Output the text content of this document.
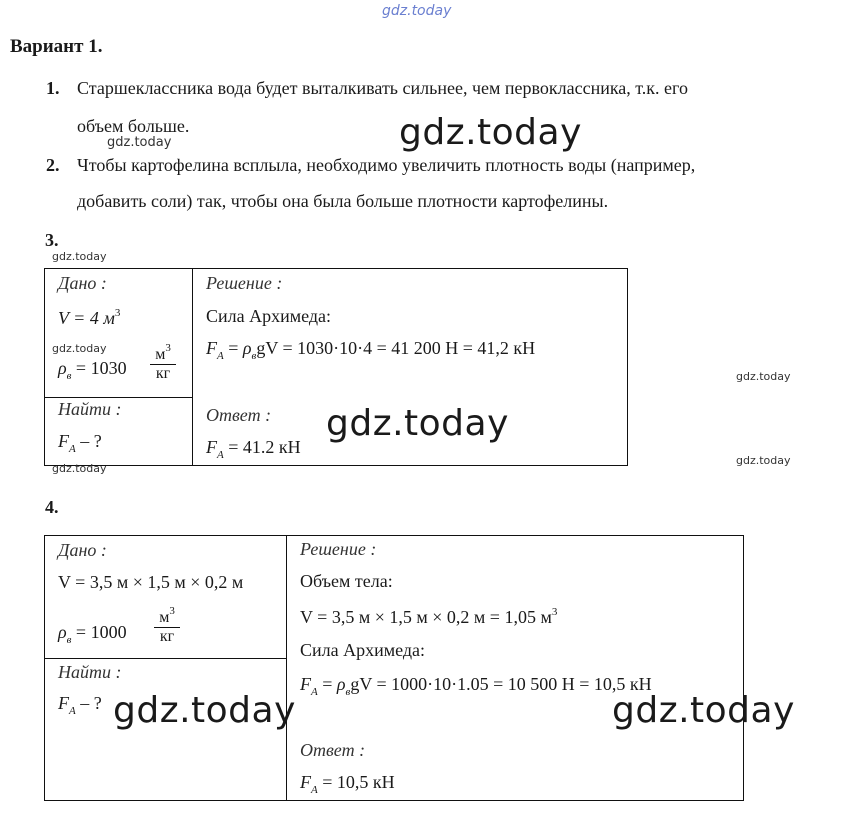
gdz.today
Вариант 1.
1. Старшеклассника вода будет выталкивать сильнее, чем первоклассника, т.к. его
объем больше.
gdz.today	gdz.today
2. Чтобы картофелина всплыла, необходимо увеличить плотность воды (например,
добавить соли) так, чтобы она была больше плотности картофелины.
3.
gdz.today
Дано :
V = 4 $м^3$
gdz.today
$\rho_в = 1030$
$м^3$
кг
Найти :
$F_A$ – ?
gdz.today
Решение :
Сила Архимеда:
$F_A = \rho_вgV = 1030\cdot 10\cdot 4 = 41$ 200 Н = 41,2 кН
gdz.today
Ответ :
$F_A = 41.2$ кН
gdz.today
gdz.today
4.
Дано :
V = 3,5 м × 1,5 м × 0,2 м
$\rho_в = 1000$
$м^3$
кг
Найти :
$F_A$ – ? gdz.today
Решение :
Объем тела:
V = 3,5 м × 1,5 м × 0,2 м = 1,05 $м^3$
Сила Архимеда:
$F_A = \rho_вgV = 1000\cdot 10\cdot 1.05 = 10$ 500 Н = 10,5 кН
gdz.today
Ответ :
$F_A = 10,5$ кН
